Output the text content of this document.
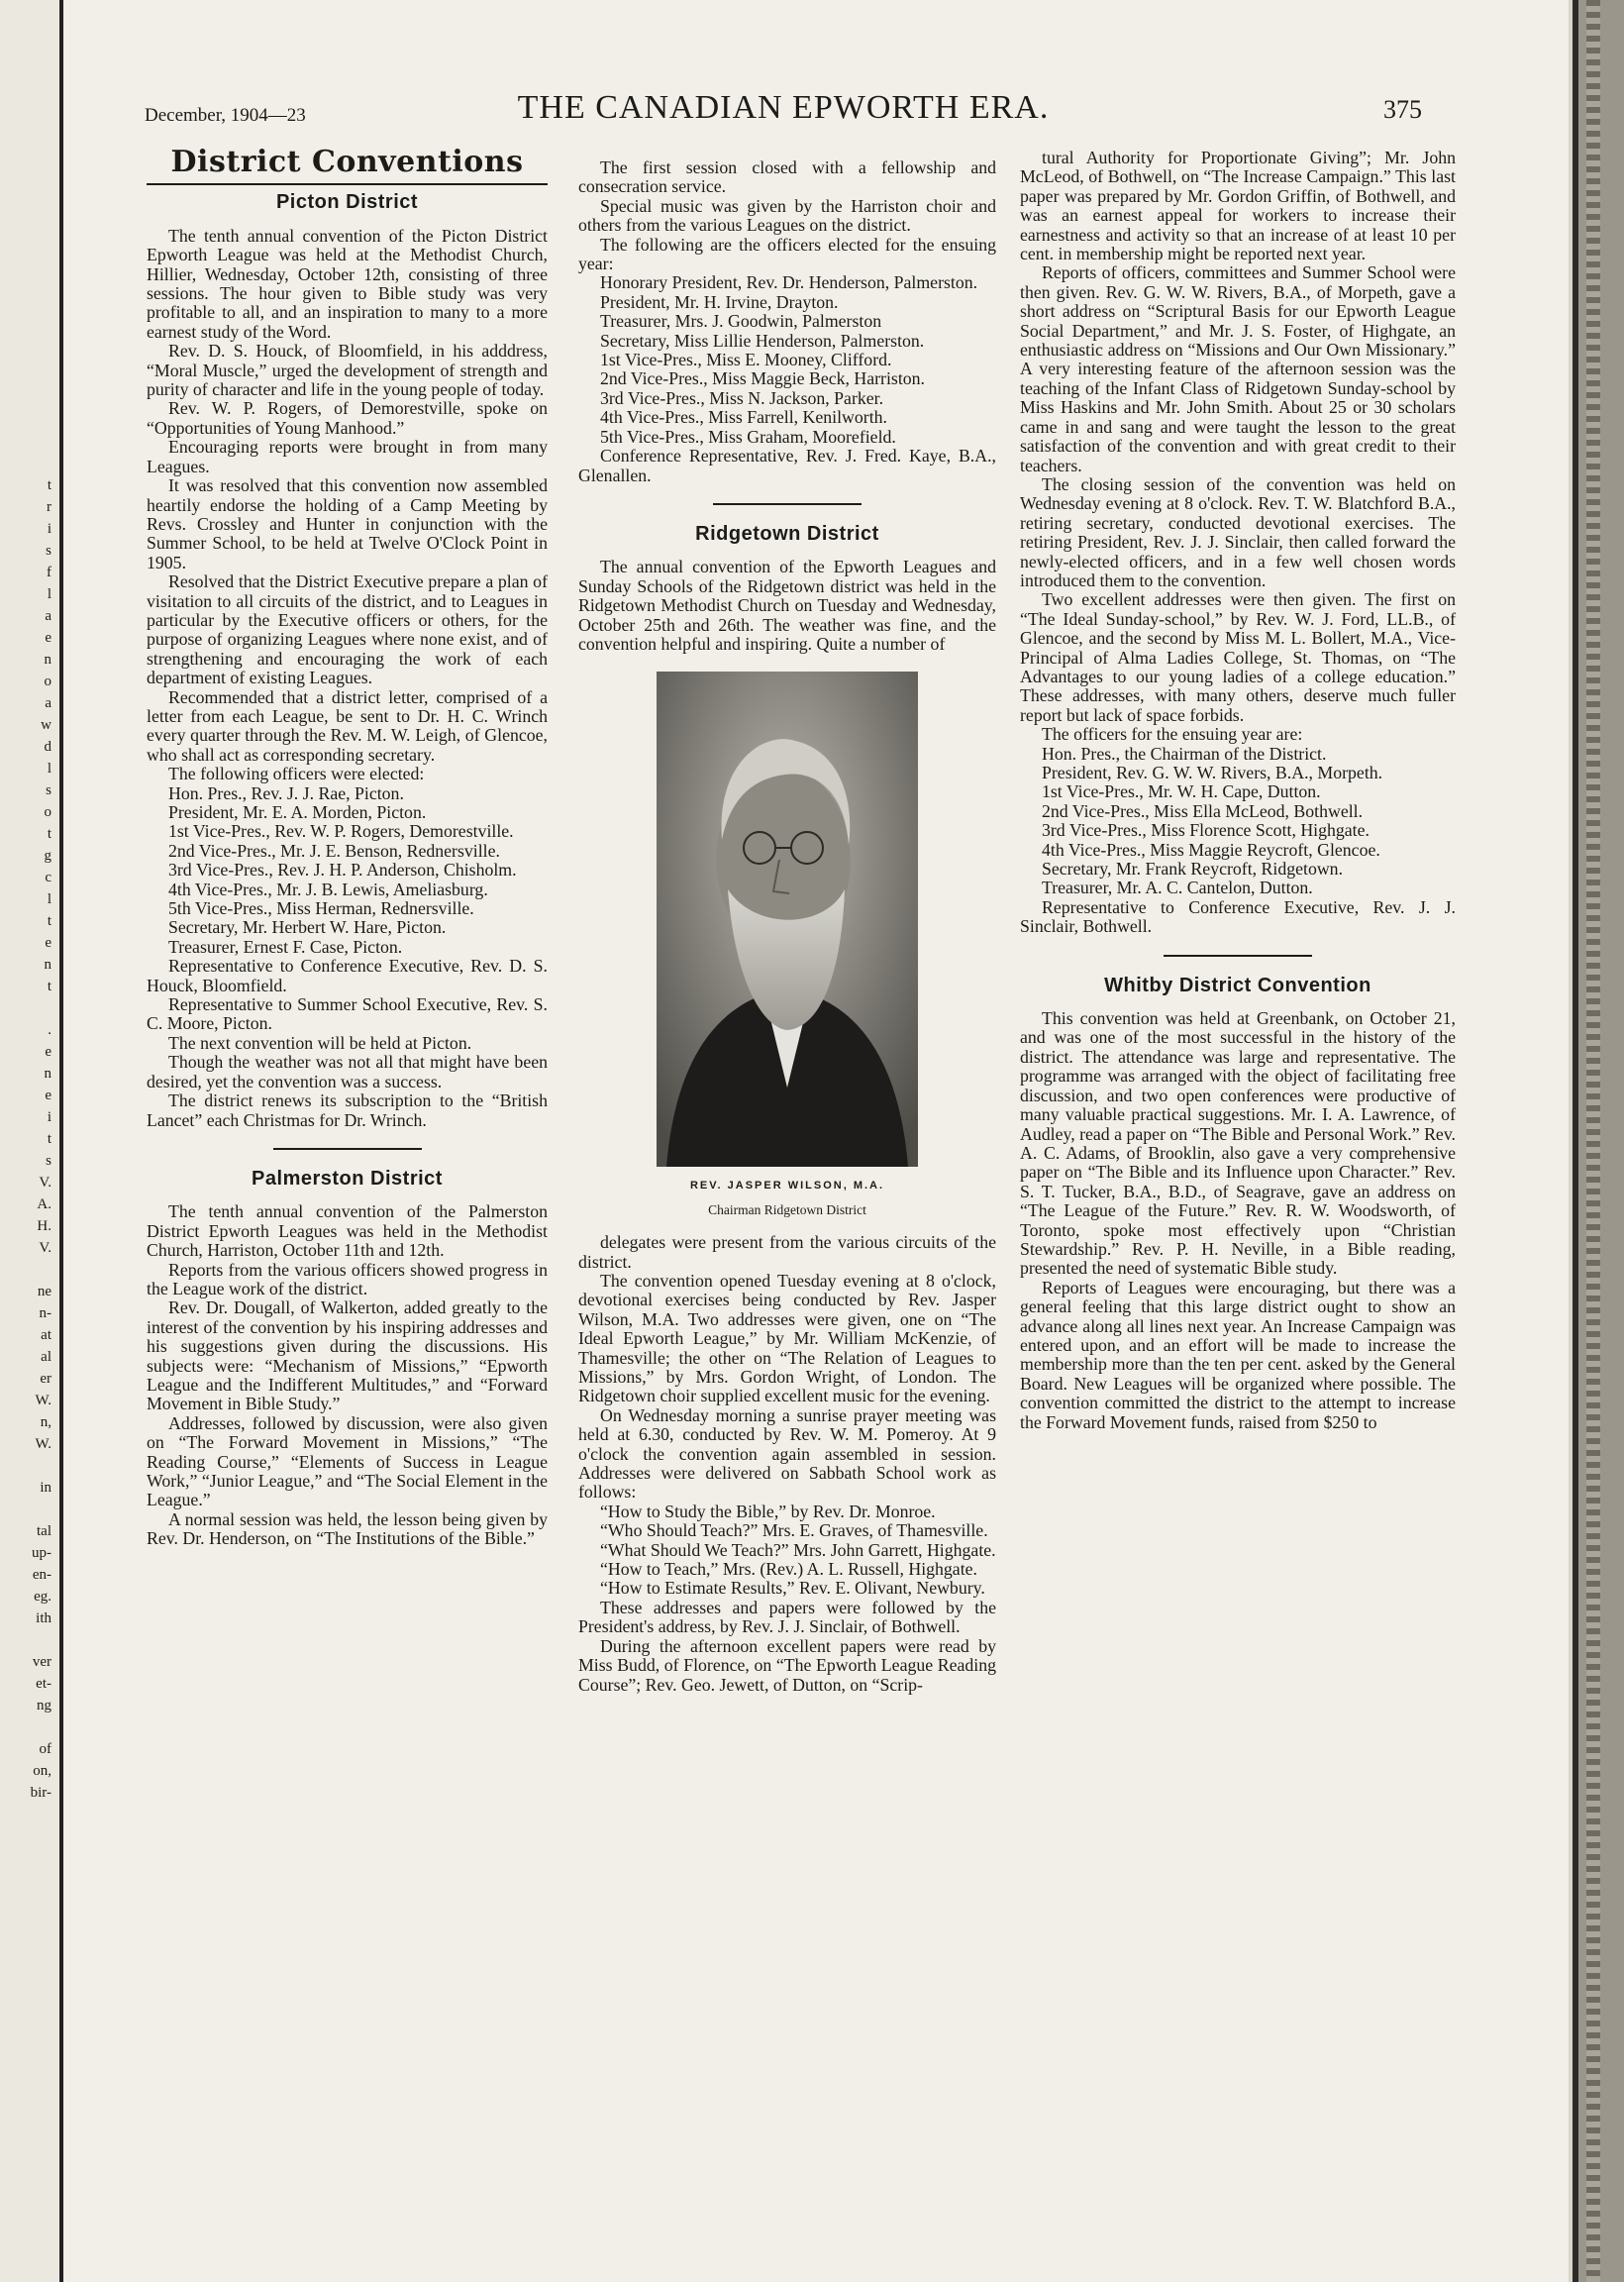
t
r
i
s
f
l
a
e
n
o
a
w
d
l
s
o
t
g
c
l
t
e
n
t
.
e
n
e
i
t
s
V.
A.
H.
V.
ne
n-
at
al
er
W.
n,
W.
in
tal
up-
en-
eg.
ith
ver
et-
ng
of
on,
bir-
December, 1904—23	THE CANADIAN EPWORTH ERA.	375
District Conventions
Picton District

The tenth annual convention of the Picton District Epworth League was held at the Methodist Church, Hillier, Wednesday, October 12th, consisting of three sessions. The hour given to Bible study was very profitable to all, and an inspiration to many to a more earnest study of the Word.

Rev. D. S. Houck, of Bloomfield, in his adddress, “Moral Muscle,” urged the development of strength and purity of character and life in the young people of today.

Rev. W. P. Rogers, of Demorestville, spoke on “Opportunities of Young Manhood.”

Encouraging reports were brought in from many Leagues.

It was resolved that this convention now assembled heartily endorse the holding of a Camp Meeting by Revs. Crossley and Hunter in conjunction with the Summer School, to be held at Twelve O'Clock Point in 1905.

Resolved that the District Executive prepare a plan of visitation to all circuits of the district, and to Leagues in particular by the Executive officers or others, for the purpose of organizing Leagues where none exist, and of strengthening and encouraging the work of each department of existing Leagues.

Recommended that a district letter, comprised of a letter from each League, be sent to Dr. H. C. Wrinch every quarter through the Rev. M. W. Leigh, of Glencoe, who shall act as corresponding secretary.

The following officers were elected:

Hon. Pres., Rev. J. J. Rae, Picton.

President, Mr. E. A. Morden, Picton.

1st Vice-Pres., Rev. W. P. Rogers, Demorestville.

2nd Vice-Pres., Mr. J. E. Benson, Rednersville.

3rd Vice-Pres., Rev. J. H. P. Anderson, Chisholm.

4th Vice-Pres., Mr. J. B. Lewis, Ameliasburg.

5th Vice-Pres., Miss Herman, Rednersville.

Secretary, Mr. Herbert W. Hare, Picton.

Treasurer, Ernest F. Case, Picton.

Representative to Conference Executive, Rev. D. S. Houck, Bloomfield.

Representative to Summer School Executive, Rev. S. C. Moore, Picton.

The next convention will be held at Picton.

Though the weather was not all that might have been desired, yet the convention was a success.

The district renews its subscription to the “British Lancet” each Christmas for Dr. Wrinch.

Palmerston District

The tenth annual convention of the Palmerston District Epworth Leagues was held in the Methodist Church, Harriston, October 11th and 12th.

Reports from the various officers showed progress in the League work of the district.

Rev. Dr. Dougall, of Walkerton, added greatly to the interest of the convention by his inspiring addresses and his suggestions given during the discussions. His subjects were: “Mechanism of Missions,” “Epworth League and the Indifferent Multitudes,” and “Forward Movement in Bible Study.”

Addresses, followed by discussion, were also given on “The Forward Movement in Missions,” “The Reading Course,” “Elements of Success in League Work,” “Junior League,” and “The Social Element in the League.”

A normal session was held, the lesson being given by Rev. Dr. Henderson, on “The Institutions of the Bible.”

The first session closed with a fellowship and consecration service.

Special music was given by the Harriston choir and others from the various Leagues on the district.

The following are the officers elected for the ensuing year:

Honorary President, Rev. Dr. Henderson, Palmerston.

President, Mr. H. Irvine, Drayton.

Treasurer, Mrs. J. Goodwin, Palmerston

Secretary, Miss Lillie Henderson, Palmerston.

1st Vice-Pres., Miss E. Mooney, Clifford.

2nd Vice-Pres., Miss Maggie Beck, Harriston.

3rd Vice-Pres., Miss N. Jackson, Parker.

4th Vice-Pres., Miss Farrell, Kenilworth.

5th Vice-Pres., Miss Graham, Moorefield.

Conference Representative, Rev. J. Fred. Kaye, B.A., Glenallen.

Ridgetown District

The annual convention of the Epworth Leagues and Sunday Schools of the Ridgetown district was held in the Ridgetown Methodist Church on Tuesday and Wednesday, October 25th and 26th. The weather was fine, and the convention helpful and inspiring. Quite a number of

REV. JASPER WILSON, M.A.
Chairman Ridgetown District

delegates were present from the various circuits of the district.

The convention opened Tuesday evening at 8 o'clock, devotional exercises being conducted by Rev. Jasper Wilson, M.A. Two addresses were given, one on “The Ideal Epworth League,” by Mr. William McKenzie, of Thamesville; the other on “The Relation of Leagues to Missions,” by Mrs. Gordon Wright, of London. The Ridgetown choir supplied excellent music for the evening.

On Wednesday morning a sunrise prayer meeting was held at 6.30, conducted by Rev. W. M. Pomeroy. At 9 o'clock the convention again assembled in session. Addresses were delivered on Sabbath School work as follows:

“How to Study the Bible,” by Rev. Dr. Monroe.

“Who Should Teach?” Mrs. E. Graves, of Thamesville.

“What Should We Teach?” Mrs. John Garrett, Highgate.

“How to Teach,” Mrs. (Rev.) A. L. Russell, Highgate.

“How to Estimate Results,” Rev. E. Olivant, Newbury.

These addresses and papers were followed by the President's address, by Rev. J. J. Sinclair, of Bothwell.

During the afternoon excellent papers were read by Miss Budd, of Florence, on “The Epworth League Reading Course”; Rev. Geo. Jewett, of Dutton, on “Scrip-

tural Authority for Proportionate Giving”; Mr. John McLeod, of Bothwell, on “The Increase Campaign.” This last paper was prepared by Mr. Gordon Griffin, of Bothwell, and was an earnest appeal for workers to increase their earnestness and activity so that an increase of at least 10 per cent. in membership might be reported next year.

Reports of officers, committees and Summer School were then given. Rev. G. W. W. Rivers, B.A., of Morpeth, gave a short address on “Scriptural Basis for our Epworth League Social Department,” and Mr. J. S. Foster, of Highgate, an enthusiastic address on “Missions and Our Own Missionary.” A very interesting feature of the afternoon session was the teaching of the Infant Class of Ridgetown Sunday-school by Miss Haskins and Mr. John Smith. About 25 or 30 scholars came in and sang and were taught the lesson to the great satisfaction of the convention and with great credit to their teachers.

The closing session of the convention was held on Wednesday evening at 8 o'clock. Rev. T. W. Blatchford B.A., retiring secretary, conducted devotional exercises. The retiring President, Rev. J. J. Sinclair, then called forward the newly-elected officers, and in a few well chosen words introduced them to the convention.

Two excellent addresses were then given. The first on “The Ideal Sunday-school,” by Rev. W. J. Ford, LL.B., of Glencoe, and the second by Miss M. L. Bollert, M.A., Vice-Principal of Alma Ladies College, St. Thomas, on “The Advantages to our young ladies of a college education.” These addresses, with many others, deserve much fuller report but lack of space forbids.

The officers for the ensuing year are:

Hon. Pres., the Chairman of the District.

President, Rev. G. W. W. Rivers, B.A., Morpeth.

1st Vice-Pres., Mr. W. H. Cape, Dutton.

2nd Vice-Pres., Miss Ella McLeod, Bothwell.

3rd Vice-Pres., Miss Florence Scott, Highgate.

4th Vice-Pres., Miss Maggie Reycroft, Glencoe.

Secretary, Mr. Frank Reycroft, Ridgetown.

Treasurer, Mr. A. C. Cantelon, Dutton.

Representative to Conference Executive, Rev. J. J. Sinclair, Bothwell.

Whitby District Convention

This convention was held at Greenbank, on October 21, and was one of the most successful in the history of the district. The attendance was large and representative. The programme was arranged with the object of facilitating free discussion, and two open conferences were productive of many valuable practical suggestions. Mr. I. A. Lawrence, of Audley, read a paper on “The Bible and Personal Work.” Rev. A. C. Adams, of Brooklin, also gave a very comprehensive paper on “The Bible and its Influence upon Character.” Rev. S. T. Tucker, B.A., B.D., of Seagrave, gave an address on “The League of the Future.” Rev. R. W. Woodsworth, of Toronto, spoke most effectively upon “Christian Stewardship.” Rev. P. H. Neville, in a Bible reading, presented the need of systematic Bible study.

Reports of Leagues were encouraging, but there was a general feeling that this large district ought to show an advance along all lines next year. An Increase Campaign was entered upon, and an effort will be made to increase the membership more than the ten per cent. asked by the General Board. New Leagues will be organized where possible. The convention committed the district to the attempt to increase the Forward Movement funds, raised from $250 to
